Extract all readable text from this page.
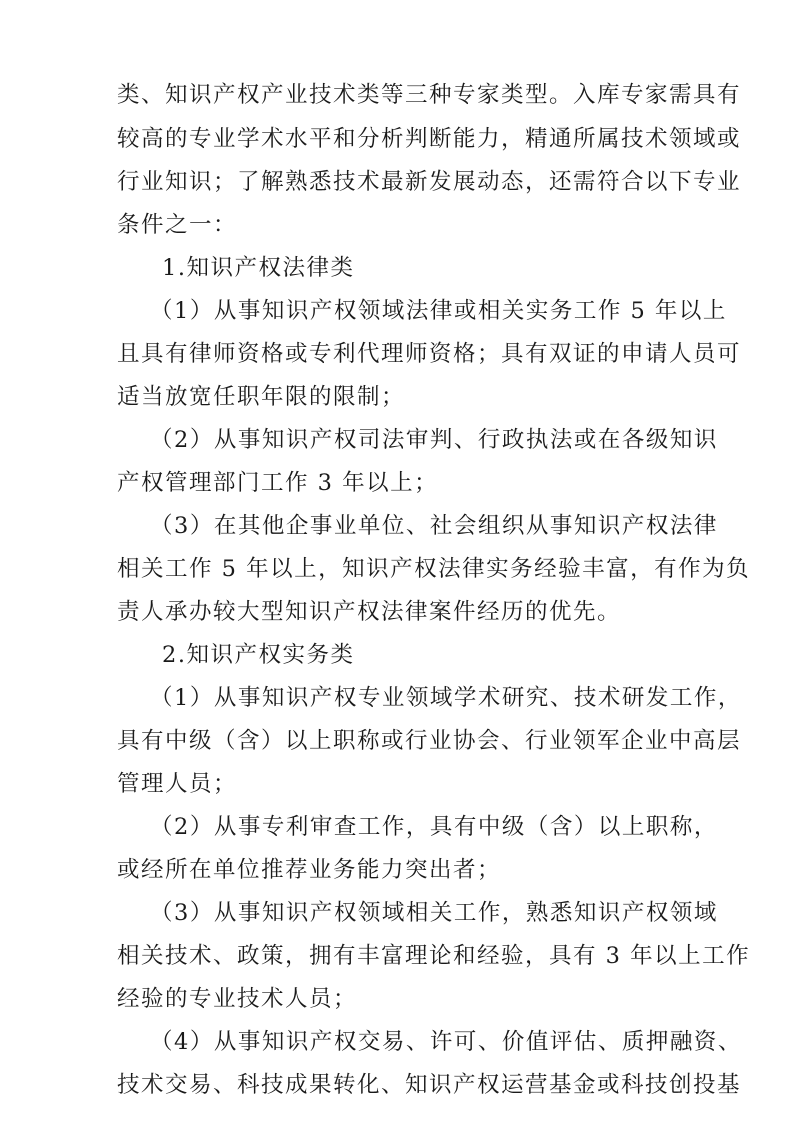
类、知识产权产业技术类等三种专家类型。入库专家需具有
较高的专业学术水平和分析判断能力，精通所属技术领域或
行业知识；了解熟悉技术最新发展动态，还需符合以下专业
条件之一：
1.知识产权法律类
（1）从事知识产权领域法律或相关实务工作 5 年以上
且具有律师资格或专利代理师资格；具有双证的申请人员可
适当放宽任职年限的限制；
（2）从事知识产权司法审判、行政执法或在各级知识
产权管理部门工作 3 年以上；
（3）在其他企事业单位、社会组织从事知识产权法律
相关工作 5 年以上，知识产权法律实务经验丰富，有作为负
责人承办较大型知识产权法律案件经历的优先。
2.知识产权实务类
（1）从事知识产权专业领域学术研究、技术研发工作，
具有中级（含）以上职称或行业协会、行业领军企业中高层
管理人员；
（2）从事专利审查工作，具有中级（含）以上职称，
或经所在单位推荐业务能力突出者；
（3）从事知识产权领域相关工作，熟悉知识产权领域
相关技术、政策，拥有丰富理论和经验，具有 3 年以上工作
经验的专业技术人员；
（4）从事知识产权交易、许可、价值评估、质押融资、
技术交易、科技成果转化、知识产权运营基金或科技创投基
